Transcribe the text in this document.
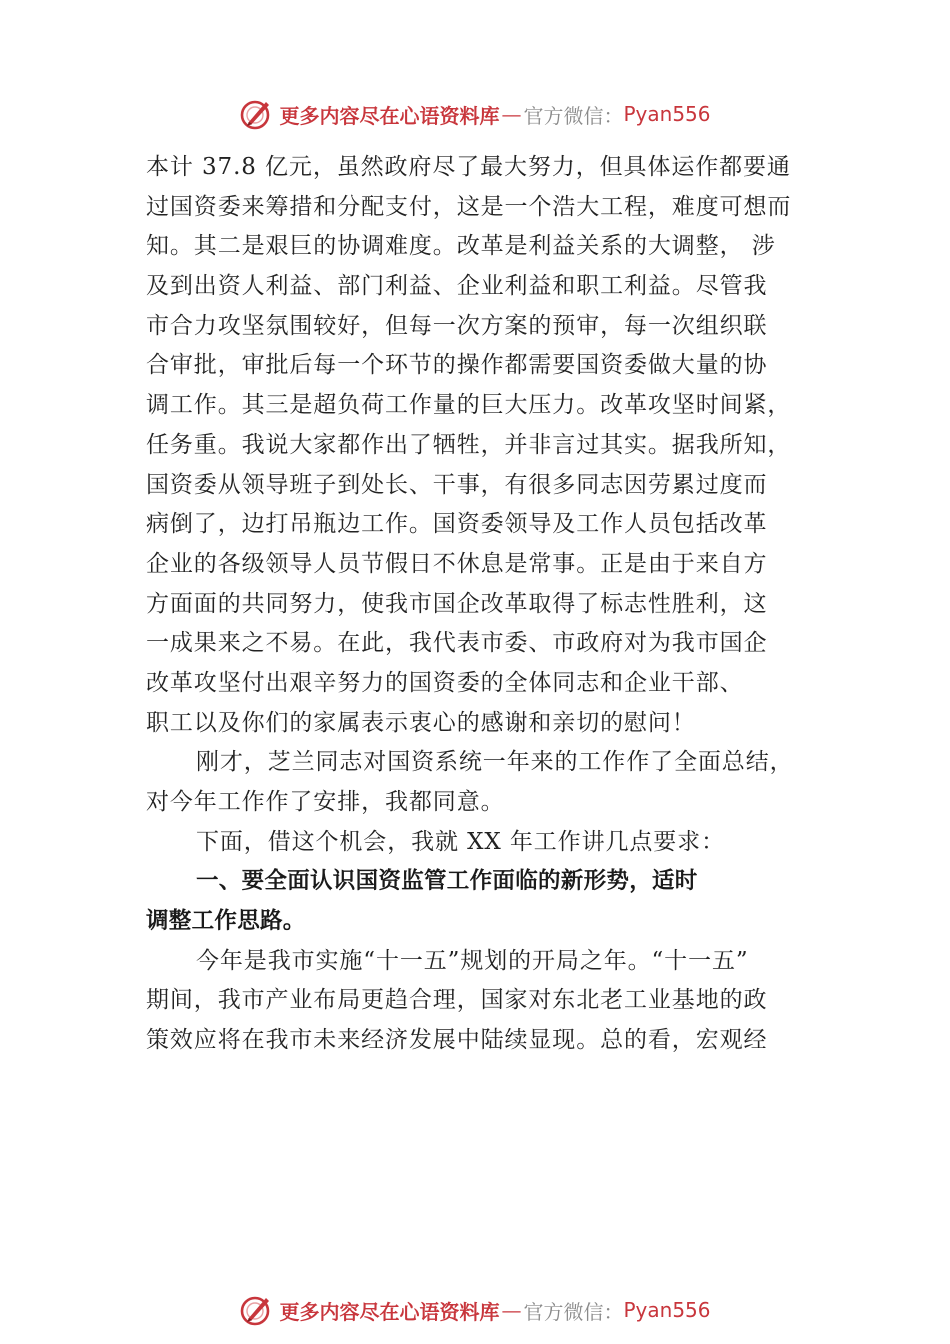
更多内容尽在心语资料库 — 官方微信： Pyan556
本计 37.8 亿元，虽然政府尽了最大努力，但具体运作都要通
过国资委来筹措和分配支付，这是一个浩大工程，难度可想而
知。其二是艰巨的协调难度。改革是利益关系的大调整， 涉
及到出资人利益、部门利益、企业利益和职工利益。尽管我
市合力攻坚氛围较好，但每一次方案的预审，每一次组织联
合审批，审批后每一个环节的操作都需要国资委做大量的协
调工作。其三是超负荷工作量的巨大压力。改革攻坚时间紧，
任务重。我说大家都作出了牺牲，并非言过其实。据我所知，
国资委从领导班子到处长、干事，有很多同志因劳累过度而
病倒了，边打吊瓶边工作。国资委领导及工作人员包括改革
企业的各级领导人员节假日不休息是常事。正是由于来自方
方面面的共同努力，使我市国企改革取得了标志性胜利，这
一成果来之不易。在此，我代表市委、市政府对为我市国企
改革攻坚付出艰辛努力的国资委的全体同志和企业干部、
职工以及你们的家属表示衷心的感谢和亲切的慰问！
刚才，芝兰同志对国资系统一年来的工作作了全面总结，
对今年工作作了安排，我都同意。
下面，借这个机会，我就 XX 年工作讲几点要求：
一、要全面认识国资监管工作面临的新形势，适时
调整工作思路。
今年是我市实施“十一五”规划的开局之年。“十一五”
期间，我市产业布局更趋合理，国家对东北老工业基地的政
策效应将在我市未来经济发展中陆续显现。总的看，宏观经
更多内容尽在心语资料库 — 官方微信： Pyan556
